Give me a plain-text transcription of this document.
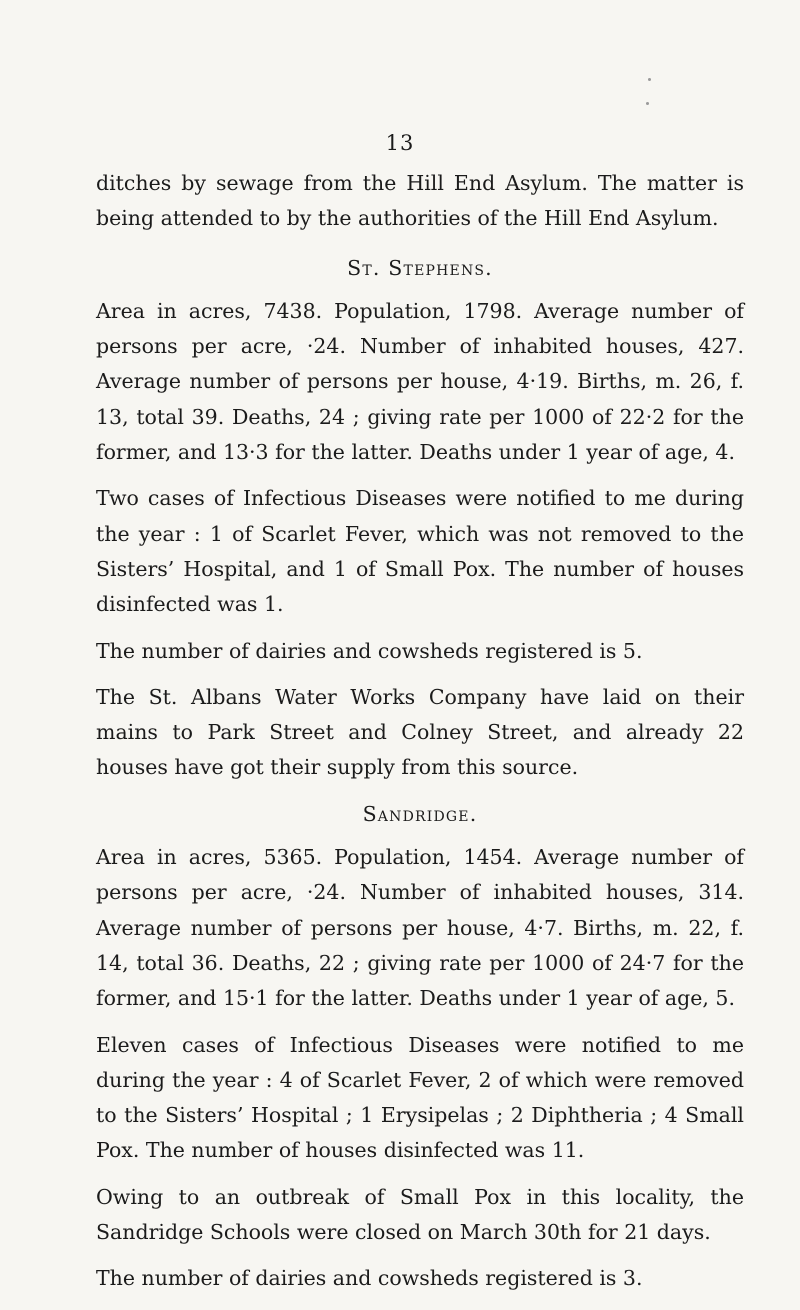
13

ditches by sewage from the Hill End Asylum. The matter is being attended to by the authorities of the Hill End Asylum.

St. Stephens.

Area in acres, 7438. Population, 1798. Average number of persons per acre, ·24. Number of inhabited houses, 427. Average number of persons per house, 4·19. Births, m. 26, f. 13, total 39. Deaths, 24 ; giving rate per 1000 of 22·2 for the former, and 13·3 for the latter. Deaths under 1 year of age, 4.

Two cases of Infectious Diseases were notified to me during the year : 1 of Scarlet Fever, which was not removed to the Sisters’ Hospital, and 1 of Small Pox. The number of houses disinfected was 1.

The number of dairies and cowsheds registered is 5.

The St. Albans Water Works Company have laid on their mains to Park Street and Colney Street, and already 22 houses have got their supply from this source.

Sandridge.

Area in acres, 5365. Population, 1454. Average number of persons per acre, ·24. Number of inhabited houses, 314. Average number of persons per house, 4·7. Births, m. 22, f. 14, total 36. Deaths, 22 ; giving rate per 1000 of 24·7 for the former, and 15·1 for the latter. Deaths under 1 year of age, 5.

Eleven cases of Infectious Diseases were notified to me during the year : 4 of Scarlet Fever, 2 of which were removed to the Sisters’ Hospital ; 1 Erysipelas ; 2 Diphtheria ; 4 Small Pox. The number of houses disinfected was 11.

Owing to an outbreak of Small Pox in this locality, the Sandridge Schools were closed on March 30th for 21 days.

The number of dairies and cowsheds registered is 3.
